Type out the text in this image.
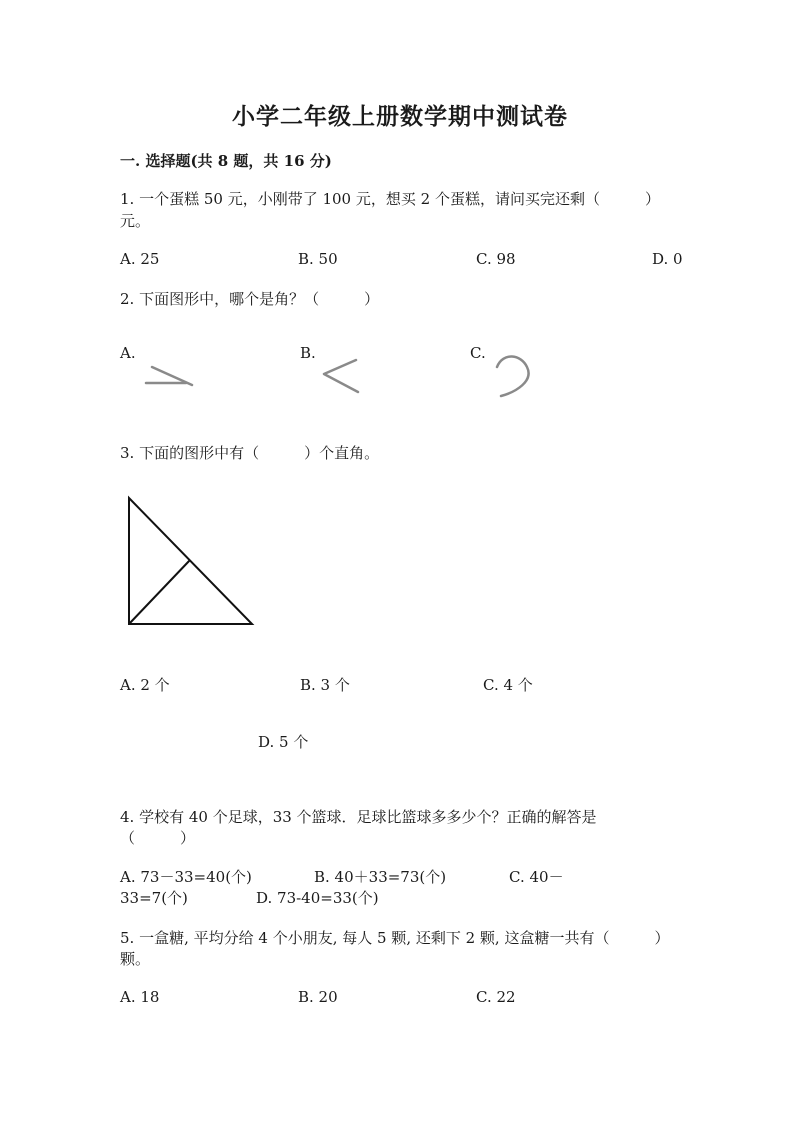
小学二年级上册数学期中测试卷
一. 选择题(共 8 题，共 16 分)
1. 一个蛋糕 50 元，小刚带了 100 元，想买 2 个蛋糕，请问买完还剩（　　　）
元。
A. 25	B. 50	C. 98	D. 0
2. 下面图形中，哪个是角？（　　　）
A.	B.	C.
3. 下面的图形中有（　　　）个直角。
A. 2 个	B. 3 个	C. 4 个
D. 5 个
4. 学校有 40 个足球，33 个篮球．足球比篮球多多少个？正确的解答是
（　　　）
A. 73－33=40(个)	B. 40＋33=73(个)	C. 40－
33=7(个)	D. 73-40=33(个)
5. 一盒糖, 平均分给 4 个小朋友, 每人 5 颗, 还剩下 2 颗, 这盒糖一共有（　　　）
颗。
A. 18	B. 20	C. 22
